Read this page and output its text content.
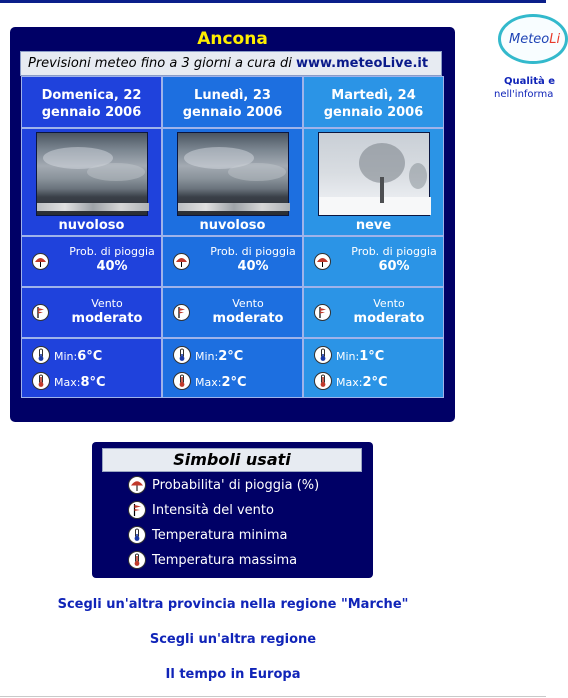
Ancona
Previsioni meteo fino a 3 giorni a cura di www.meteoLive.it
Domenica, 22
gennaio 2006
Lunedì, 23
gennaio 2006
Martedì, 24
gennaio 2006
nuvoloso	nuvoloso	neve
Prob. di pioggia
40%
Prob. di pioggia
40%
Prob. di pioggia
60%
Vento
moderato
Vento
moderato
Vento
moderato
Min:6°C
Max:8°C
Min:2°C
Max:2°C
Min:1°C
Max:2°C
Simboli usati
Probabilita' di pioggia (%)
Intensità del vento
Temperatura minima
Temperatura massima
Scegli un'altra provincia nella regione "Marche"
Scegli un'altra regione
Il tempo in Europa
MeteoLi
Qualità e
nell'informa
